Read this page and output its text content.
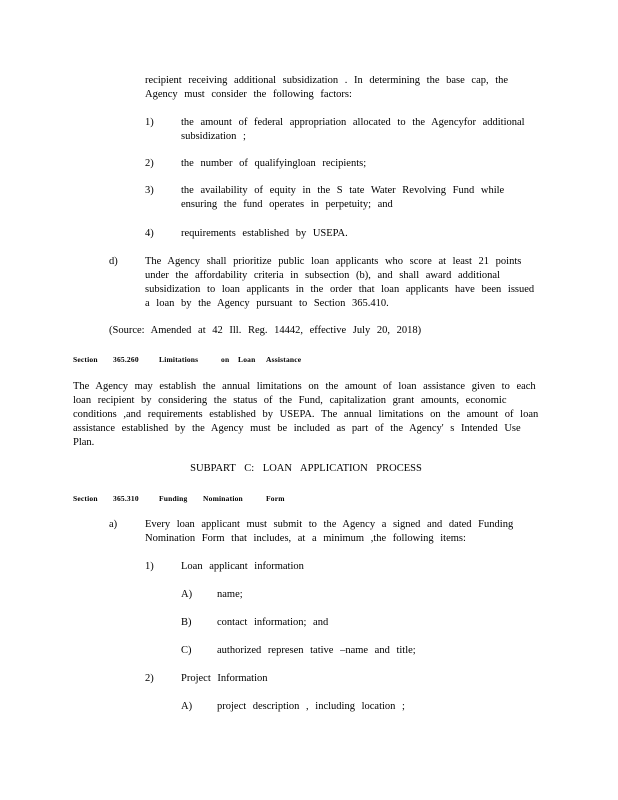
recipient receiving additional subsidization . In determining the base cap, the Agency must consider the following factors:

1)	the amount of federal appropriation allocated to the Agencyfor additional subsidization ;

2)	the number of qualifyingloan recipients;

3)	the availability of equity in the S tate Water Revolving Fund while ensuring the fund operates in perpetuity; and

4)	requirements established by USEPA.

d)	The Agency shall prioritize public loan applicants who score at least 21 points under the affordability criteria in subsection (b), and shall award additional subsidization to loan applicants in the order that loan applicants have been issued a loan by the Agency pursuant to Section 365.410.

(Source: Amended at 42 Ill. Reg. 14442, effective July 20, 2018)

Section 365.260	Limitations	on Loan Assistance

The Agency may establish the annual limitations on the amount of loan assistance given to each loan recipient by considering the status of the Fund, capitalization grant amounts, economic conditions ,and requirements established by USEPA. The annual limitations on the amount of loan assistance established by the Agency must be included as part of the Agency' s Intended Use Plan.

SUBPART C: LOAN APPLICATION PROCESS

Section 365.310	Funding Nomination	Form
a)	Every loan applicant must submit to the Agency a signed and dated Funding Nomination Form that includes, at a minimum ,the following items:

1)	Loan applicant information

A) name;

B) contact information; and

C) authorized represen tative –name and title;

2)	Project Information

A) project description , including location ;
